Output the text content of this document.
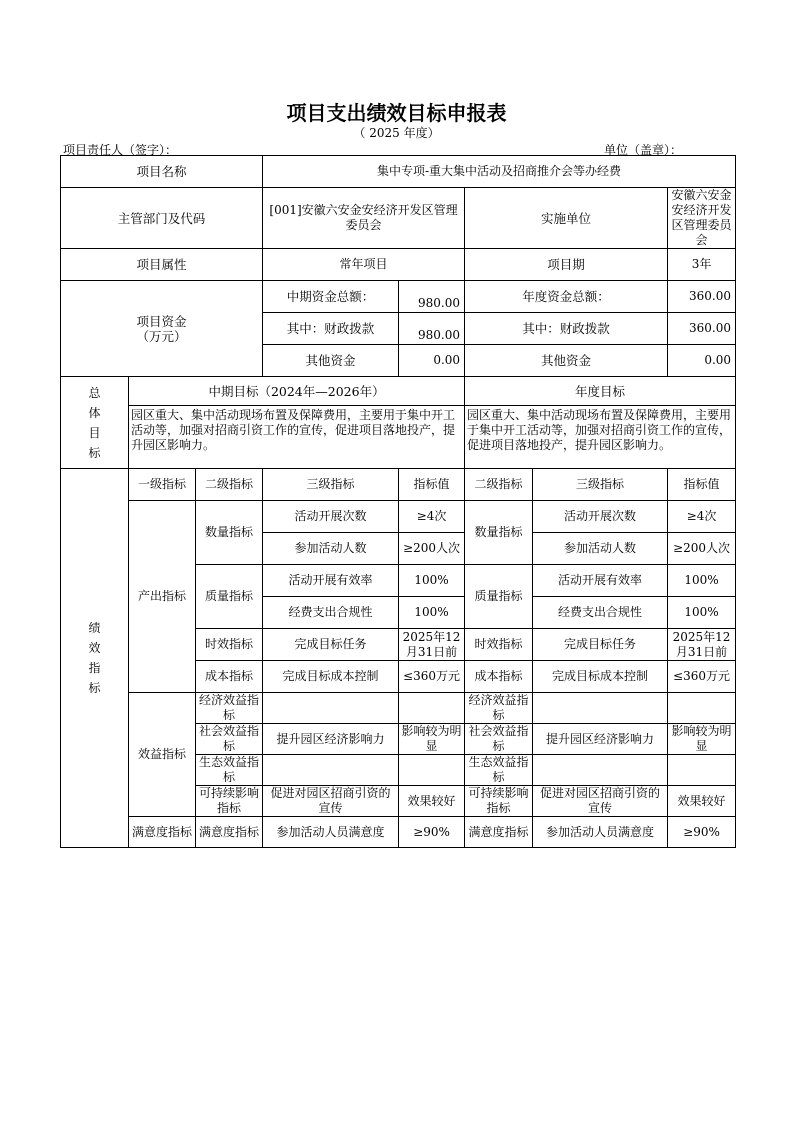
项目支出绩效目标申报表
（ 2025 年度）
项目责任人（签字）：	单位（盖章）：
项目名称			集中专项-重大集中活动及招商推介会等办经费				
主管部门及代码			[001]安徽六安金安经济开发区管理委员会		实施单位		安徽六安金安经济开发区管理委员会
项目属性			常年项目		项目期		3年
项目资金
（万元）			中期资金总额：	980.00	年度资金总额：		360.00
			其中：财政拨款	980.00	其中：财政拨款		360.00
			其他资金	0.00	其他资金		0.00
总
体
目
标	中期目标（2024年—2026年）				年度目标		
	园区重大、集中活动现场布置及保障费用，主要用于集中开工活动等，加强对招商引资工作的宣传，促进项目落地投产，提升园区影响力。				园区重大、集中活动现场布置及保障费用，主要用于集中开工活动等，加强对招商引资工作的宣传，促进项目落地投产，提升园区影响力。		
绩
效
指
标	一级指标	二级指标	三级指标	指标值	二级指标	三级指标	指标值
	产出指标	数量指标	活动开展次数	≥4次	数量指标	活动开展次数	≥4次
			参加活动人数	≥200人次		参加活动人数	≥200人次
		质量指标	活动开展有效率	100%	质量指标	活动开展有效率	100%
			经费支出合规性	100%		经费支出合规性	100%
		时效指标	完成目标任务	2025年12月31日前	时效指标	完成目标任务	2025年12月31日前
		成本指标	完成目标成本控制	≤360万元	成本指标	完成目标成本控制	≤360万元
	效益指标	经济效益指标			经济效益指标		
		社会效益指标	提升园区经济影响力	影响较为明显	社会效益指标	提升园区经济影响力	影响较为明显
		生态效益指标			生态效益指标		
		可持续影响指标	促进对园区招商引资的宣传	效果较好	可持续影响指标	促进对园区招商引资的宣传	效果较好
	满意度指标	满意度指标	参加活动人员满意度	≥90%	满意度指标	参加活动人员满意度	≥90%
